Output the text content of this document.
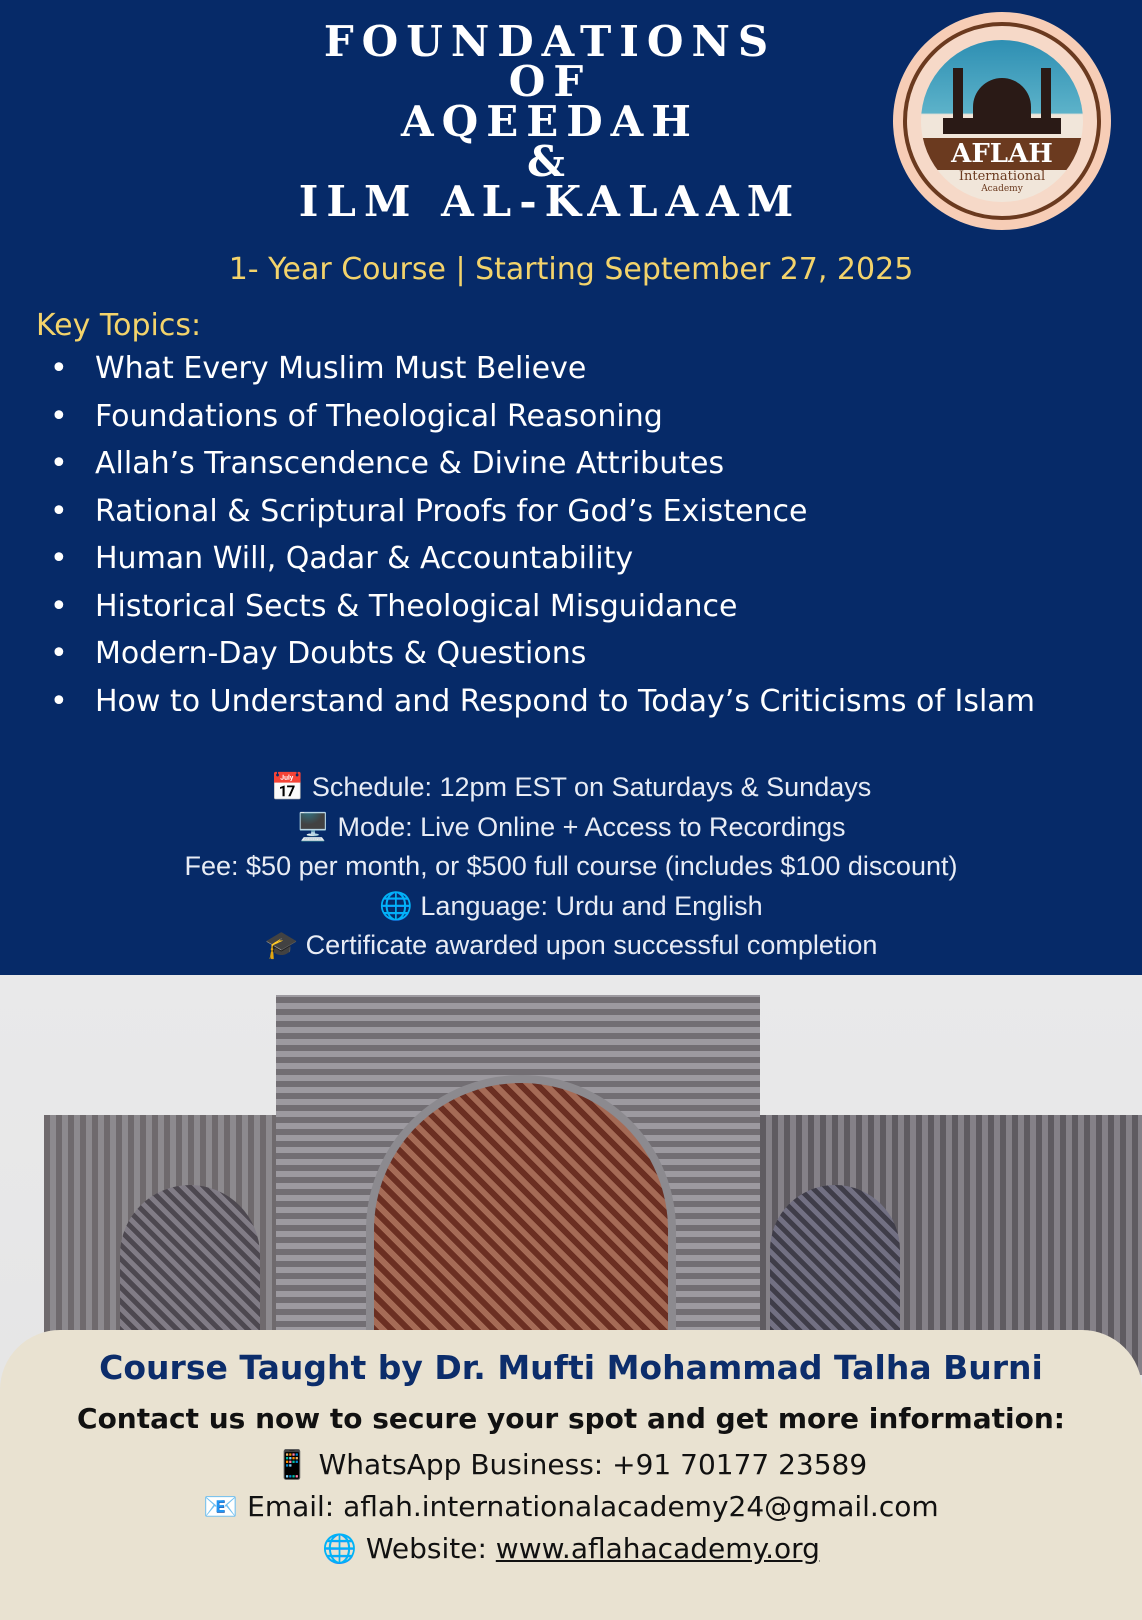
FOUNDATIONS
OF
AQEEDAH
&
ILM AL-KALAAM
AFLAH
International
Academy
1- Year Course | Starting September 27, 2025
Key Topics:
• What Every Muslim Must Believe
• Foundations of Theological Reasoning
• Allah’s Transcendence & Divine Attributes
• Rational & Scriptural Proofs for God’s Existence
• Human Will, Qadar & Accountability
• Historical Sects & Theological Misguidance
• Modern-Day Doubts & Questions
• How to Understand and Respond to Today’s Criticisms of Islam
📅 Schedule: 12pm EST on Saturdays & Sundays
🖥️ Mode: Live Online + Access to Recordings
Fee: $50 per month, or $500 full course (includes $100 discount)
🌐 Language: Urdu and English
🎓 Certificate awarded upon successful completion
Course Taught by Dr. Mufti Mohammad Talha Burni
Contact us now to secure your spot and get more information:
📱 WhatsApp Business: +91 70177 23589
📧 Email: aflah.internationalacademy24@gmail.com
🌐 Website: www.aflahacademy.org
